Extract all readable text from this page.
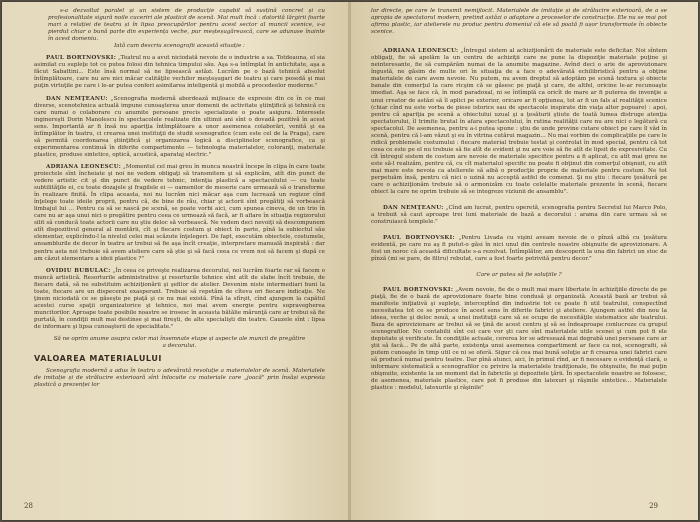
s-a dezvoltat paralel și un sistem de producție capabil să susțină concret și cu profesionalitate sigură noile cuceriri ale plasticii de scenă. Mai mult încă : datorită lărgirii foarte mari a relației de teatru și în lipsa preocupărilor pentru acest sector al muncii scenice, s-a pierdut chiar o bună parte din experiența veche, pur meșteșugărească, care se adunase înainte în acest domeniu.

Iată cum descriu scenografii această situație :

PAUL BORTNOVSKI: „Teatrul nu a avut niciodată nevoie de o industrie a sa. Totdeauna, el sia asimilat cu supleţe tot ce putea folosi din tehnica timpului său. Aşa s-a întîmplat în antichitate, aşa a făcut Sabattini... Este însă normal să ne lipsească astăzi. Lucrăm pe o bază tehnică absolut întîmplătoare, care nu are nici măcar calităţile vechilor meşteşugari de teatru şi care posedă şi mai puţin virtuţile pe care i le-ar putea conferi asimilarea inteligentă şi mobilă a procedeelor moderne."

DAN NEMŢEANU: „Scenografia modernă abordează mijloace de expresie din ce în ce mai diverse, scenotehnica actuală impune cunoaşterea unor domenii de activitate ştiinţifică şi tehnică cu care numai o colaborare cu anumite persoane precis specializate o poate asigura. Interesele inginereşti Dorin Manolescu în spectacolele realizate din ultimii ani sînt o dovadă pozitivă în acest sens. Importantă ar fi însă nu apariţia întîmplătoare a unor asemenea colaborări, venită şi ea întîmplător în teatru, ci crearea unei instituţii de studii scenografice (cum este cel de la Praga), care să permită coordonarea ştiinţifică şi organizarea logică a disciplinelor scenografice, ca şi experimentarea continuă în diferite compartimente — tehnologia materialelor, coloranţi, materiale plastice, produse sintetice, optică, acustică, aparataj electric."

ADRIANA LEONESCU: „Momentul cel mai greu în munca noastră începe în clipa în care toate proiectele sînt încheiate şi noi ne vedem obligaţi să transmitem şi să explicăm, atît din punct de vedere artistic cit şi din punct de vedere tehnic, intenţia plastică a spectacolului — cu toate subtilităţile ei, cu toate dozajele şi fragilele ei — oamenilor de meserie care urmează să o transforme în realizare finită. În clipa aceasta, noi nu lucrăm nici măcar aşa cum lucrează un regizor cînd înţelege toate ideile proprii, pentru că, de bine de rău, chiar şi actorii sînt pregătiţi să vorbească limbajul lui ... Pentru ca să se nască pe scenă, se poate vorbi aici, cum spunea cineva, de un trio în care nu ar aşa unui nici o pregătire pentru ceea ce urmează să facă, ar fi aflare în situaţia regizorului silit să conducă toate actorii care nu ştiu deloc să vorbească. Ne vedem deci nevoiţi să descompunem atît dispozitivul general al montării, cît şi fiecare costum şi obiect în parte, pînă la subiectul său elementar, explicîndu-l la nivelul celei mai scăzute înţelegeri. De fapt, executăm obiectele, costumele, ansamblurile de decor în teatru ar trebui să fie aşa încît creaţie, interpretare manuală inspirată : dar pentru asta noi trebuie să avem ateliere care să ştie şi să facă ceea ce vrem noi să facem şi după ce am căzut elementare a ideii plastice ?"

OVIDIU BUBULAC: „În ceea ce priveşte realizarea decorului, noi lucrăm foarte rar să facem o muncă artistică. Resorturile administrative şi resorturile tehnice sînt atît de slabe încît trebuie, de fiecare dată, să ne substituim achiziţionării şi şefilor de atelier. Devenim niste intermediari buni la toate, fiecare are un dispecerat exasperant. Trebuie să repetăm de cîteva ori fiecare indicaţie. Nu ţinem niciodată ce se găseşte pe piaţă şi ce nu mai există. Pînă la sfîrşit, cînd ajungem la capătul acestei curse spaţii organizatorice şi tehnice, noi mai avem energie pentru supravegherea muncitorilor. Aproape toate posibile noastre se irosesc în aceasta bătălie mărunţă care ar trebui să fie purtată, în condiţii mult mai destinse şi mai fireşti, de alte specialişti din teatre. Cauzele sînt : lipsa de informare şi lipsa cunoaşterii de specialitate."

Să ne oprim anume asupra celor mai însemnate etape și aspecte ale muncii de pregătire a decorului.

VALOAREA MATERIALULUI

Scenografia modernă a adus în teatru o adevărată revoluție a materialelor de scenă. Materialele de imitație și de strălucire exterioară sînt înlocuite cu materiale care „joacă" prin însăși expresia plastică a prezenței lor

28

lor directe, pe care le transmit nemijlocit. Materialele de imitație și de strălucire exterioară, de a se apropia de spectatorul modern, pretind astăzi o adaptare a proceselor de construcție. Ele nu se mai pot afirma plastic, iar atelierele nu produc pentru domeniul că ele să poată fi ușor transformate în obiecte scenice.

ADRIANA LEONESCU: „Întregul sistem al achiziţionării de materiale este deficitar. Noi sîntem obligaţi, fie să apelăm la un centru de achiziţii care ne pune la dispoziţie materiale puţine şi neinteresante, fie să cumpărăm numai de la anumite magazine. Avînd deci o arie de aprovizionare îngustă, ne găsim de multe ori în situaţia de a face o adevărată echilibristică pentru a obţine materialele de care avem nevoie. Nu putem, nu avem dreptul să adoptăm pe scenă textura şi obiecte banale din comerţul la care ricşim că se găsesc pe piaţă şi care, de altfel, oricine le-ar recunoaşte imediat. Aşa se face că, în mod paradoxal, ni se întîmplă ca oricît de mare ar fi puterea de invenţie a unui creator de astăzi să îl aplici pe exterior, oricare ar fi opţiunea, tot ar fi un fals al realităţii scenice (chiar cînd nu este vorba de piese istorice sau de spectacole inspirate din viaţa altor popoare) : apoi, pentru că apariţia pe scenă a obiectului uzual şi a ţesăturii ştiute de toată lumea distruge atenţia spectatorului, îl trimite brutal în afara spectacolului, în rutina realităţii care nu are nici o legătură cu spectacolul. De asemenea, pentru a-i putea spune : ştiu de unde provine cutare obiect pe care îl văd în scenă, pentru că l-am văzut şi eu în vitrina cutărui magazin... Nu mai vorbim de complicaţiile pe care le ridică problemele costumului : fiecare material trebuie testat şi controlat în mod special, pentru că tot ceea ce este pe el nu trebuie să fie atît de evident şi nu are voie să fie atît de lipsit de expresivitate. Cu cît întregul sistem de costum are nevoie de materiale specifice pentru a fi aplicat, cu atît mai greu ne este să-l realizăm, pentru că, cu cît materialul specific nu poate fi obţinut din comerţul obişnuit, cu atît mai mare este nevoia ca atelierele să aibă o producţie proprie de materiale pentru costum. Ne tot perpetuăm însă, pentru că nici o uzină nu acceptă astfel de comenzi. Şi nu ştiu : fiecare ţesătură pe care o achiziţionăm trebuie să o armonizăm cu toate celelalte materiale prezente în scenă, fiecare obiect la care ne oprim trebuie să se integreze viziunii de ansamblu".

DAN NEMŢEANU: „Cînd am lucrat, pentru operetă, scenografia pentru Secretul lui Marco Polo, a trebuit să caut aproape trei luni materiale de bază a decorului : arama din care urmau să se construiască templele."

PAUL BORTNOVSKI: „Pentru Livada cu vişini aveam nevoie de o pînză albă cu ţesătura evidentă, pe care nu aş fi putut-o găsi în nici unul din centrele noastre obişnuite de aprovizionare. A fost un noroc că această dificultate s-a rezolvat. Întîmplător, am descoperit la una din fabrici un stoc de pînză (mi se pare, de filtru) rebutat, care a fost foarte potrivită pentru decor."

Care ar putea să fie soluţiile ?

PAUL BORTNOVSKI: „Avem nevoie, fie de o mult mai mare libertate în achiziţiile directe de pe piaţă, fie de o bază de aprovizionare foarte bine condusă şi organizată. Această bază ar trebui să manifeste iniţiativă şi supleţe, interceptînd din industrie tot ce poate fi util teatrului, conspectînd necesitatea tot ce se produce în acest sens în diferite fabrici şi ateliere. Ajungem astfel din nou la ideea, veche şi deloc nouă, a unei instituţii care să se ocupe de necesităţile sistematice ale teatrului. Baza de aprovizionare ar trebui să se ţină de acest centru şi să se îndeaproape conlucreze cu grupul scenografilor. Nu contabilii sînt cei care vor şti care sînt materialele utile scenei şi cum pot fi ele depistate şi verificate. În condiţiile actuale, cererea lor se adresează mai degrabă unei persoane care ar ştii să facă... Pe de altă parte, existenţa unui asemenea compartiment ar face ca noi, scenografii, să putem cunoaşte în timp util ce ni se oferă. Sigur că cea mai bună soluţie ar fi crearea unei fabrici care să producă numai pentru teatre. Dar pînă atunci, aici, în primul rînd, ar fi necesare o evidenţă clară, o informare sistematică a scenografilor cu privire la materialele tradiţionale, fie obişnuite, fie mai puţin obişnuite, existente la un moment dat în fabricile şi depozitele ţării. În spectacolele noastre se folosesc, de asemenea, materiale plastice, care pot fi produse din latexuri şi răşinile sintetice... Materialele plastice : modelul, latexurile şi răşinile"

29
